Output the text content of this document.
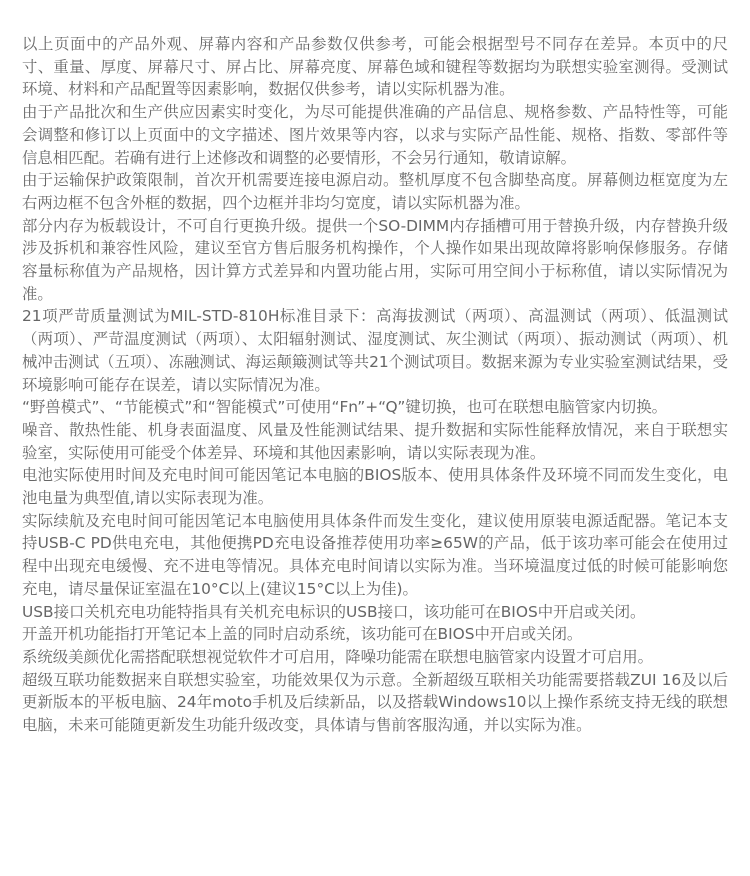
以上页面中的产品外观、屏幕内容和产品参数仅供参考，可能会根据型号不同存在差异。本页中的尺寸、重量、厚度、屏幕尺寸、屏占比、屏幕亮度、屏幕色域和键程等数据均为联想实验室测得。受测试环境、材料和产品配置等因素影响，数据仅供参考，请以实际机器为准。

由于产品批次和生产供应因素实时变化，为尽可能提供准确的产品信息、规格参数、产品特性等，可能会调整和修订以上页面中的文字描述、图片效果等内容，以求与实际产品性能、规格、指数、零部件等信息相匹配。若确有进行上述修改和调整的必要情形，不会另行通知，敬请谅解。

由于运输保护政策限制，首次开机需要连接电源启动。整机厚度不包含脚垫高度。屏幕侧边框宽度为左右两边框不包含外框的数据，四个边框并非均匀宽度，请以实际机器为准。

部分内存为板载设计，不可自行更换升级。提供一个SO-DIMM内存插槽可用于替换升级，内存替换升级涉及拆机和兼容性风险，建议至官方售后服务机构操作，个人操作如果出现故障将影响保修服务。存储容量标称值为产品规格，因计算方式差异和内置功能占用，实际可用空间小于标称值，请以实际情况为准。

21项严苛质量测试为MIL-STD-810H标准目录下：高海拔测试（两项）、高温测试（两项）、低温测试（两项）、严苛温度测试（两项）、太阳辐射测试、湿度测试、灰尘测试（两项）、振动测试（两项）、机械冲击测试（五项）、冻融测试、海运颠簸测试等共21个测试项目。数据来源为专业实验室测试结果，受环境影响可能存在误差，请以实际情况为准。

“野兽模式”、“节能模式”和“智能模式”可使用“Fn”+“Q”键切换，也可在联想电脑管家内切换。

噪音、散热性能、机身表面温度、风量及性能测试结果、提升数据和实际性能释放情况，来自于联想实验室，实际使用可能受个体差异、环境和其他因素影响，请以实际表现为准。

电池实际使用时间及充电时间可能因笔记本电脑的BIOS版本、使用具体条件及环境不同而发生变化，电池电量为典型值,请以实际表现为准。

实际续航及充电时间可能因笔记本电脑使用具体条件而发生变化，建议使用原装电源适配器。笔记本支持USB-C PD供电充电，其他便携PD充电设备推荐使用功率≥65W的产品，低于该功率可能会在使用过程中出现充电缓慢、充不进电等情况。具体充电时间请以实际为准。当环境温度过低的时候可能影响您充电，请尽量保证室温在10°C以上(建议15°C以上为佳)。

USB接口关机充电功能特指具有关机充电标识的USB接口，该功能可在BIOS中开启或关闭。

开盖开机功能指打开笔记本上盖的同时启动系统，该功能可在BIOS中开启或关闭。

系统级美颜优化需搭配联想视觉软件才可启用，降噪功能需在联想电脑管家内设置才可启用。

超级互联功能数据来自联想实验室，功能效果仅为示意。全新超级互联相关功能需要搭载ZUI 16及以后更新版本的平板电脑、24年moto手机及后续新品，以及搭载Windows10以上操作系统支持无线的联想电脑，未来可能随更新发生功能升级改变，具体请与售前客服沟通，并以实际为准。
